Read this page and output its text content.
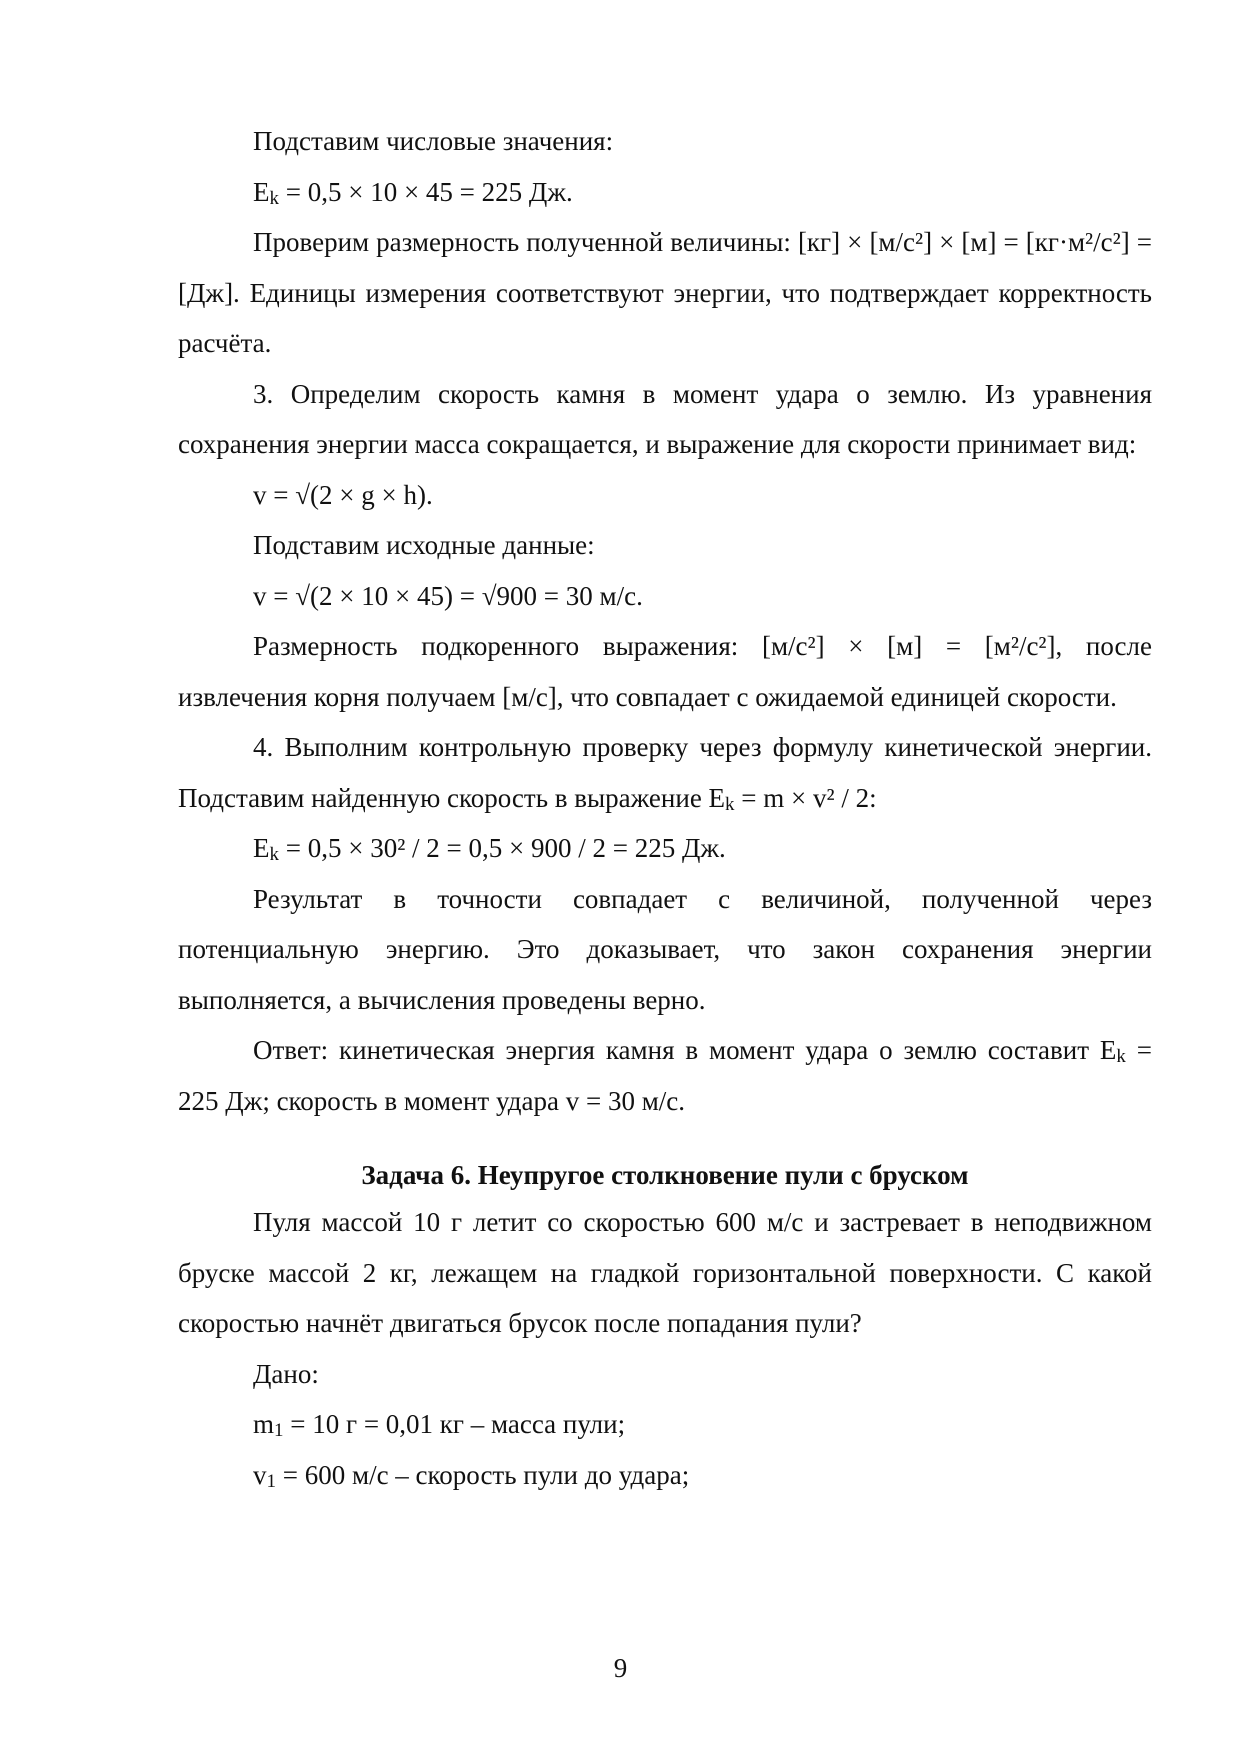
Подставим числовые значения:

Ek = 0,5 × 10 × 45 = 225 Дж.

Проверим размерность полученной величины: [кг] × [м/с²] × [м] = [кг·м²/с²] = [Дж]. Единицы измерения соответствуют энергии, что подтверждает корректность расчёта.

3. Определим скорость камня в момент удара о землю. Из уравнения сохранения энергии масса сокращается, и выражение для скорости принимает вид:

v = √(2 × g × h).

Подставим исходные данные:

v = √(2 × 10 × 45) = √900 = 30 м/с.

Размерность подкоренного выражения: [м/с²] × [м] = [м²/с²], после извлечения корня получаем [м/с], что совпадает с ожидаемой единицей скорости.

4. Выполним контрольную проверку через формулу кинетической энергии. Подставим найденную скорость в выражение Ek = m × v² / 2:

Ek = 0,5 × 30² / 2 = 0,5 × 900 / 2 = 225 Дж.

Результат в точности совпадает с величиной, полученной через потенциальную энергию. Это доказывает, что закон сохранения энергии выполняется, а вычисления проведены верно.

Ответ: кинетическая энергия камня в момент удара о землю составит Ek = 225 Дж; скорость в момент удара v = 30 м/с.

Задача 6. Неупругое столкновение пули с бруском

Пуля массой 10 г летит со скоростью 600 м/с и застревает в неподвижном бруске массой 2 кг, лежащем на гладкой горизонтальной поверхности. С какой скоростью начнёт двигаться брусок после попадания пули?

Дано:

m1 = 10 г = 0,01 кг – масса пули;

v1 = 600 м/с – скорость пули до удара;

9
